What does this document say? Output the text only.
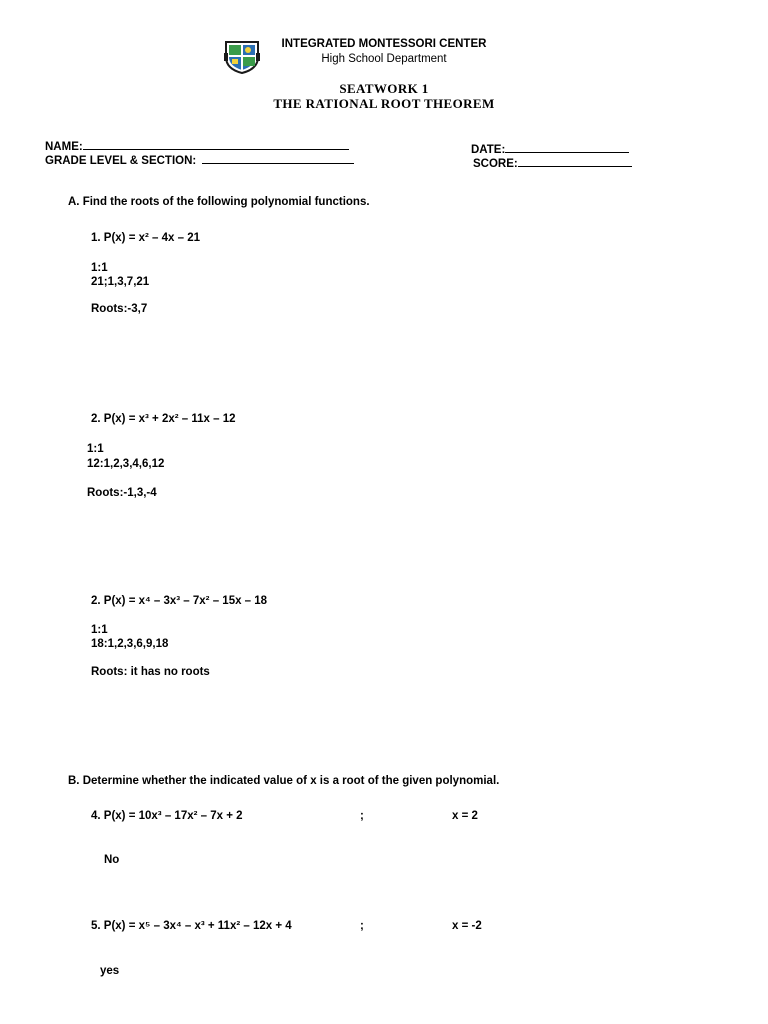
INTEGRATED MONTESSORI CENTER
High School Department
SEATWORK 1
THE RATIONAL ROOT THEOREM
NAME:
GRADE LEVEL & SECTION:
DATE:
SCORE:
A. Find the roots of the following polynomial functions.
1. P(x) = x² – 4x – 21
1:1
21;1,3,7,21
Roots:-3,7
2. P(x) = x³ + 2x² – 11x – 12
1:1
12:1,2,3,4,6,12
Roots:-1,3,-4
2. P(x) = x⁴ – 3x³ – 7x² – 15x – 18
1:1
18:1,2,3,6,9,18
Roots: it has no roots
B. Determine whether the indicated value of x is a root of the given polynomial.
4. P(x) = 10x³ – 17x² – 7x + 2	;	x = 2
No
5. P(x) = x⁵ – 3x⁴ – x³ + 11x² – 12x + 4	;	x = -2
yes
